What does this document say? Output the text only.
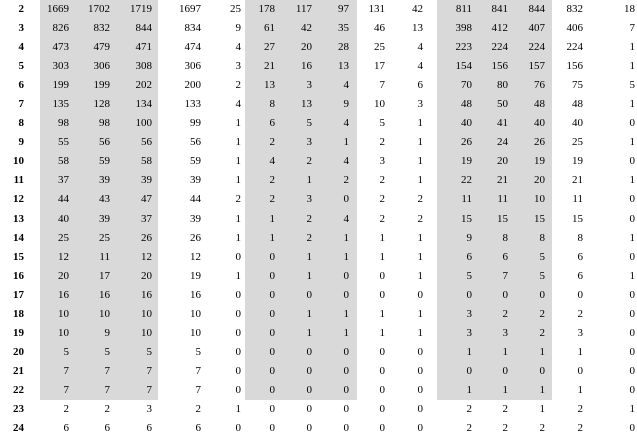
2	1669	1702	1719	1697	25	178	117	97	131	42	811	841	844	832	18
3	826	832	844	834	9	61	42	35	46	13	398	412	407	406	7
4	473	479	471	474	4	27	20	28	25	4	223	224	224	224	1
5	303	306	308	306	3	21	16	13	17	4	154	156	157	156	1
6	199	199	202	200	2	13	3	4	7	6	70	80	76	75	5
7	135	128	134	133	4	8	13	9	10	3	48	50	48	48	1
8	98	98	100	99	1	6	5	4	5	1	40	41	40	40	0
9	55	56	56	56	1	2	3	1	2	1	26	24	26	25	1
10	58	59	58	59	1	4	2	4	3	1	19	20	19	19	0
11	37	39	39	39	1	2	1	2	2	1	22	21	20	21	1
12	44	43	47	44	2	2	3	0	2	2	11	11	10	11	0
13	40	39	37	39	1	1	2	4	2	2	15	15	15	15	0
14	25	25	26	26	1	1	2	1	1	1	9	8	8	8	1
15	12	11	12	12	0	0	1	1	1	1	6	6	5	6	0
16	20	17	20	19	1	0	1	0	0	1	5	7	5	6	1
17	16	16	16	16	0	0	0	0	0	0	0	0	0	0	0
18	10	10	10	10	0	0	1	1	1	1	3	2	2	2	0
19	10	9	10	10	0	0	1	1	1	1	3	3	2	3	0
20	5	5	5	5	0	0	0	0	0	0	1	1	1	1	0
21	7	7	7	7	0	0	0	0	0	0	0	0	0	0	0
22	7	7	7	7	0	0	0	0	0	0	1	1	1	1	0
23	2	2	3	2	1	0	0	0	0	0	2	2	1	2	1
24	6	6	6	6	0	0	0	0	0	0	2	2	2	2	0
